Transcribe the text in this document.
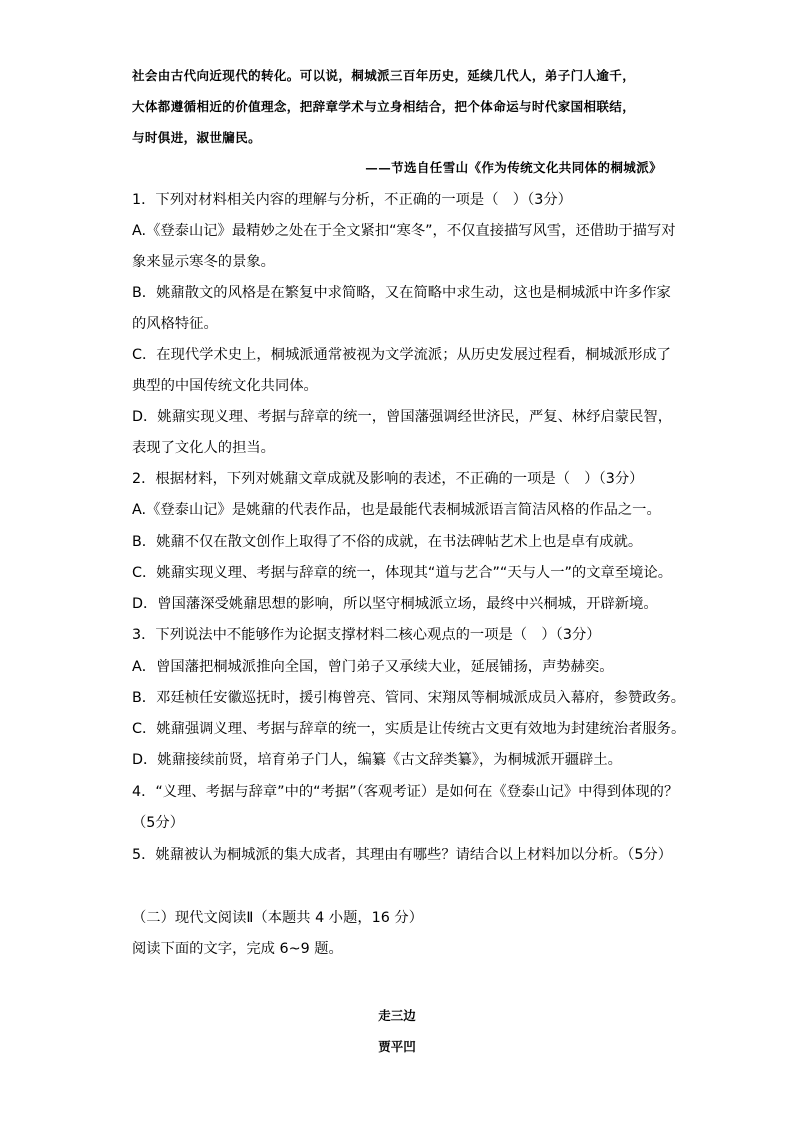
社会由古代向近现代的转化。可以说，桐城派三百年历史，延续几代人，弟子门人逾千，
大体都遵循相近的价值理念，把辞章学术与立身相结合，把个体命运与时代家国相联结，
与时俱进，淑世牖民。
——节选自任雪山《作为传统文化共同体的桐城派》
1．下列对材料相关内容的理解与分析，不正确的一项是（　）（3分）
A.《登泰山记》最精妙之处在于全文紧扣“寒冬”，不仅直接描写风雪，还借助于描写对
象来显示寒冬的景象。
B．姚鼐散文的风格是在繁复中求简略，又在简略中求生动，这也是桐城派中许多作家
的风格特征。
C．在现代学术史上，桐城派通常被视为文学流派；从历史发展过程看，桐城派形成了
典型的中国传统文化共同体。
D．姚鼐实现义理、考据与辞章的统一，曾国藩强调经世济民，严复、林纾启蒙民智，
表现了文化人的担当。
2．根据材料，下列对姚鼐文章成就及影响的表述，不正确的一项是（　）（3分）
A.《登泰山记》是姚鼐的代表作品，也是最能代表桐城派语言简洁风格的作品之一。
B．姚鼐不仅在散文创作上取得了不俗的成就，在书法碑帖艺术上也是卓有成就。
C．姚鼐实现义理、考据与辞章的统一，体现其“道与艺合”“天与人一”的文章至境论。
D．曾国藩深受姚鼐思想的影响，所以坚守桐城派立场，最终中兴桐城，开辟新境。
3．下列说法中不能够作为论据支撑材料二核心观点的一项是（　）（3分）
A．曾国藩把桐城派推向全国，曾门弟子又承续大业，延展铺扬，声势赫奕。
B．邓廷桢任安徽巡抚时，援引梅曾亮、管同、宋翔凤等桐城派成员入幕府，参赞政务。
C．姚鼐强调义理、考据与辞章的统一，实质是让传统古文更有效地为封建统治者服务。
D．姚鼐接续前贤，培育弟子门人，编纂《古文辞类纂》，为桐城派开疆辟土。
4．“义理、考据与辞章”中的“考据”（客观考证）是如何在《登泰山记》中得到体现的？
（5分）
5．姚鼐被认为桐城派的集大成者，其理由有哪些？请结合以上材料加以分析。（5分）
（二）现代文阅读Ⅱ（本题共 4 小题，16 分）
阅读下面的文字，完成 6~9 题。
走三边
贾平凹
